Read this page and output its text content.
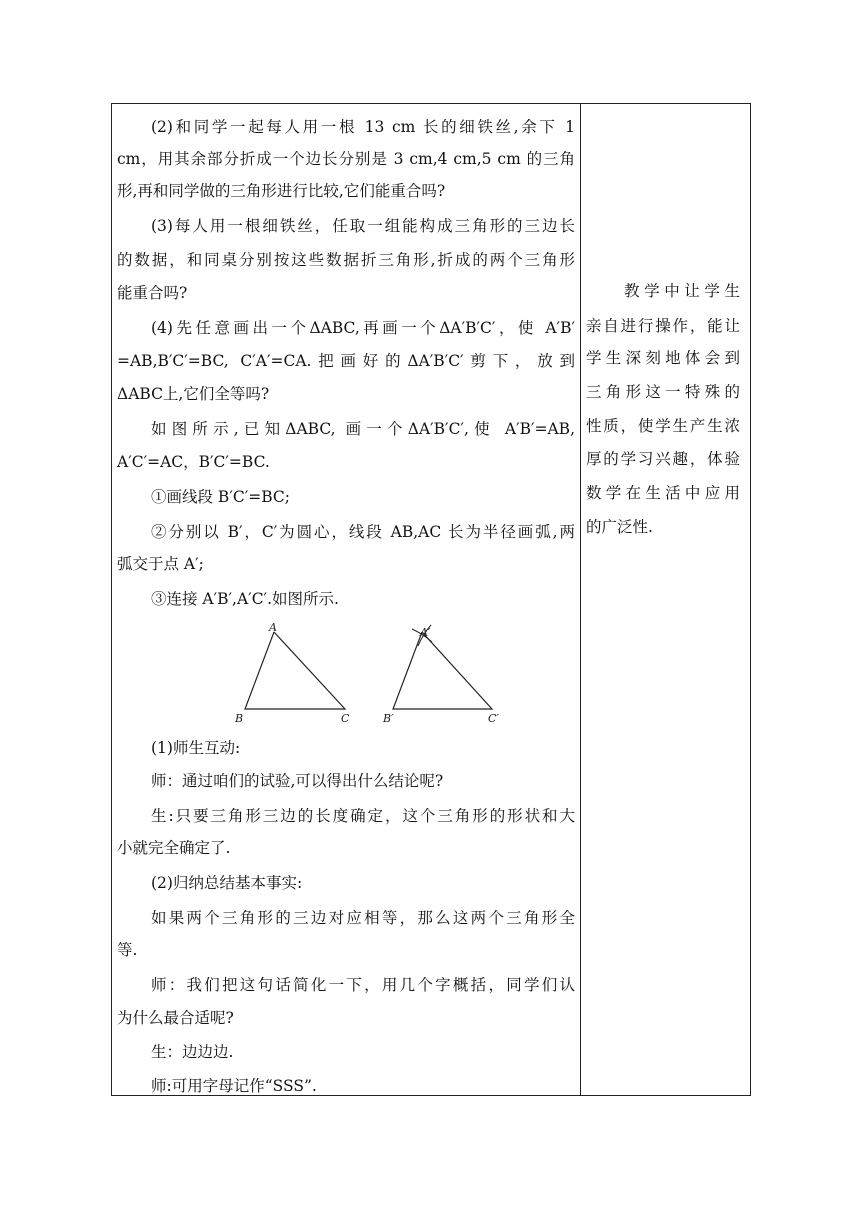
(2)和同学一起每人用一根 13 cm 长的细铁丝,余下 1
cm，用其余部分折成一个边长分别是 3 cm,4 cm,5 cm 的三角
形,再和同学做的三角形进行比较,它们能重合吗?
(3)每人用一根细铁丝，任取一组能构成三角形的三边长
的数据，和同桌分别按这些数据折三角形,折成的两个三角形
能重合吗?
(4)先任意画出一个ΔABC,再画一个ΔA′B′C′，使 A′B′
=AB,B′C′=BC, C′A′=CA.把画好的ΔA′B′C′剪下，放到
ΔABC上,它们全等吗?
如图所示,已知ΔABC, 画一个ΔA′B′C′,使 A′B′=AB,
A′C′=AC，B′C′=BC.
①画线段 B′C′=BC;
②分别以 B′，C′为圆心，线段 AB,AC 长为半径画弧,两
弧交于点 A′;
③连接 A′B′,A′C′.如图所示.
A
B	C
A′
B′	C′
(1)师生互动:
师：通过咱们的试验,可以得出什么结论呢?
生:只要三角形三边的长度确定，这个三角形的形状和大
小就完全确定了.
(2)归纳总结基本事实:
如果两个三角形的三边对应相等，那么这两个三角形全
等.
师：我们把这句话简化一下，用几个字概括，同学们认
为什么最合适呢?
生：边边边.
师:可用字母记作“SSS”.
教学中让学生
亲自进行操作，能让
学生深刻地体会到
三角形这一特殊的
性质，使学生产生浓
厚的学习兴趣，体验
数学在生活中应用
的广泛性.
